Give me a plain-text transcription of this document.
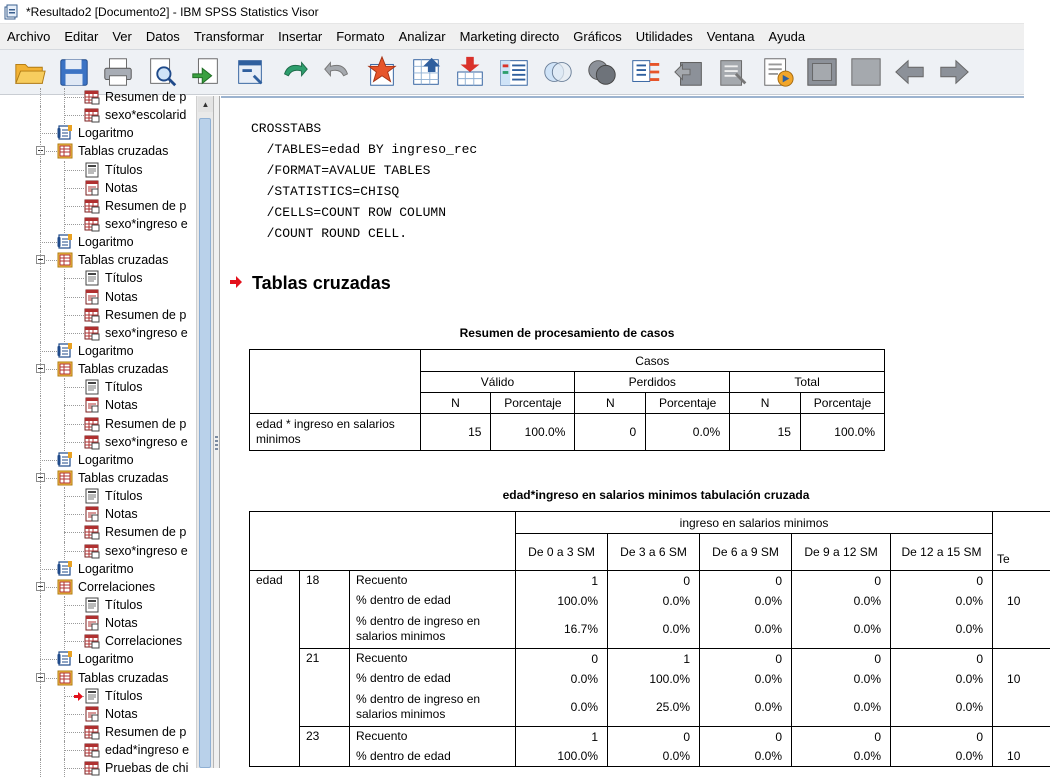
*Resultado2 [Documento2] - IBM SPSS Statistics Visor
Archivo	Editar	Ver	Datos	Transformar	Insertar	Formato	Analizar	Marketing directo	Gráficos	Utilidades	Ventana	Ayuda
Resumen de p
sexo*escolarid
Logaritmo
Tablas cruzadas
Títulos
Notas
Resumen de p
sexo*ingreso e
Logaritmo
Tablas cruzadas
Títulos
Notas
Resumen de p
sexo*ingreso e
Logaritmo
Tablas cruzadas
Títulos
Notas
Resumen de p
sexo*ingreso e
Logaritmo
Tablas cruzadas
Títulos
Notas
Resumen de p
sexo*ingreso e
Logaritmo
Correlaciones
Títulos
Notas
Correlaciones
Logaritmo
Tablas cruzadas
Títulos
Notas
Resumen de p
edad*ingreso e
Pruebas de chi
▲
CROSSTABS
/TABLES=edad BY ingreso_rec
/FORMAT=AVALUE TABLES
/STATISTICS=CHISQ
/CELLS=COUNT ROW COLUMN
/COUNT ROUND CELL.
Tablas cruzadas
Resumen de procesamiento de casos
	Casos					
	Válido		Perdidos		Total	
	N	Porcentaje	N	Porcentaje	N	Porcentaje
edad * ingreso en salarios minimos	15	100.0%	0	0.0%	15	100.0%
edad*ingreso en salarios minimos tabulación cruzada
			ingreso en salarios minimos					Te
			De 0 a 3 SM	De 3 a 6 SM	De 6 a 9 SM	De 9 a 12 SM	De 12 a 15 SM	
edad	18	Recuento	1	0	0	0	0	
		% dentro de edad	100.0%	0.0%	0.0%	0.0%	0.0%	10
		% dentro de ingreso en salarios minimos	16.7%	0.0%	0.0%	0.0%	0.0%	
	21	Recuento	0	1	0	0	0	
		% dentro de edad	0.0%	100.0%	0.0%	0.0%	0.0%	10
		% dentro de ingreso en salarios minimos	0.0%	25.0%	0.0%	0.0%	0.0%	
	23	Recuento	1	0	0	0	0	
		% dentro de edad	100.0%	0.0%	0.0%	0.0%	0.0%	10
